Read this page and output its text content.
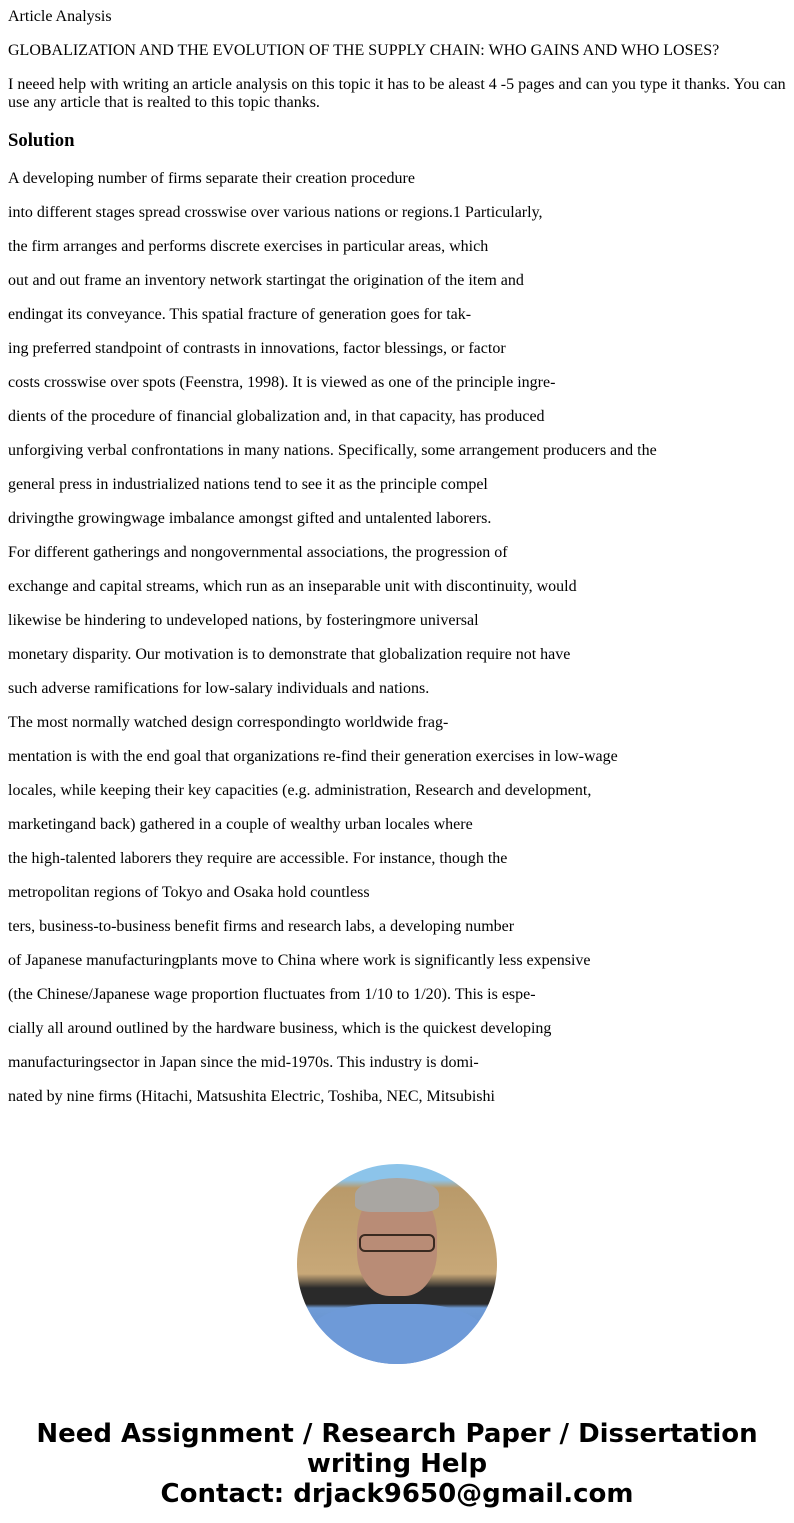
Article Analysis

GLOBALIZATION AND THE EVOLUTION OF THE SUPPLY CHAIN: WHO GAINS AND WHO LOSES?

I neeed help with writing an article analysis on this topic it has to be aleast 4 -5 pages and can you type it thanks. You can use any article that is realted to this topic thanks.

Solution

A developing number of firms separate their creation procedure

into different stages spread crosswise over various nations or regions.1 Particularly,

the firm arranges and performs discrete exercises in particular areas, which

out and out frame an inventory network startingat the origination of the item and

endingat its conveyance. This spatial fracture of generation goes for tak-

ing preferred standpoint of contrasts in innovations, factor blessings, or factor

costs crosswise over spots (Feenstra, 1998). It is viewed as one of the principle ingre-

dients of the procedure of financial globalization and, in that capacity, has produced

unforgiving verbal confrontations in many nations. Specifically, some arrangement producers and the

general press in industrialized nations tend to see it as the principle compel

drivingthe growingwage imbalance amongst gifted and untalented laborers.

For different gatherings and nongovernmental associations, the progression of

exchange and capital streams, which run as an inseparable unit with discontinuity, would

likewise be hindering to undeveloped nations, by fosteringmore universal

monetary disparity. Our motivation is to demonstrate that globalization require not have

such adverse ramifications for low-salary individuals and nations.

The most normally watched design correspondingto worldwide frag-

mentation is with the end goal that organizations re-find their generation exercises in low-wage

locales, while keeping their key capacities (e.g. administration, Research and development,

marketingand back) gathered in a couple of wealthy urban locales where

the high-talented laborers they require are accessible. For instance, though the

metropolitan regions of Tokyo and Osaka hold countless

ters, business-to-business benefit firms and research labs, a developing number

of Japanese manufacturingplants move to China where work is significantly less expensive

(the Chinese/Japanese wage proportion fluctuates from 1/10 to 1/20). This is espe-

cially all around outlined by the hardware business, which is the quickest developing

manufacturingsector in Japan since the mid-1970s. This industry is domi-

nated by nine firms (Hitachi, Matsushita Electric, Toshiba, NEC, Mitsubishi

Need Assignment / Research Paper / Dissertation
writing Help
Contact: drjack9650@gmail.com
